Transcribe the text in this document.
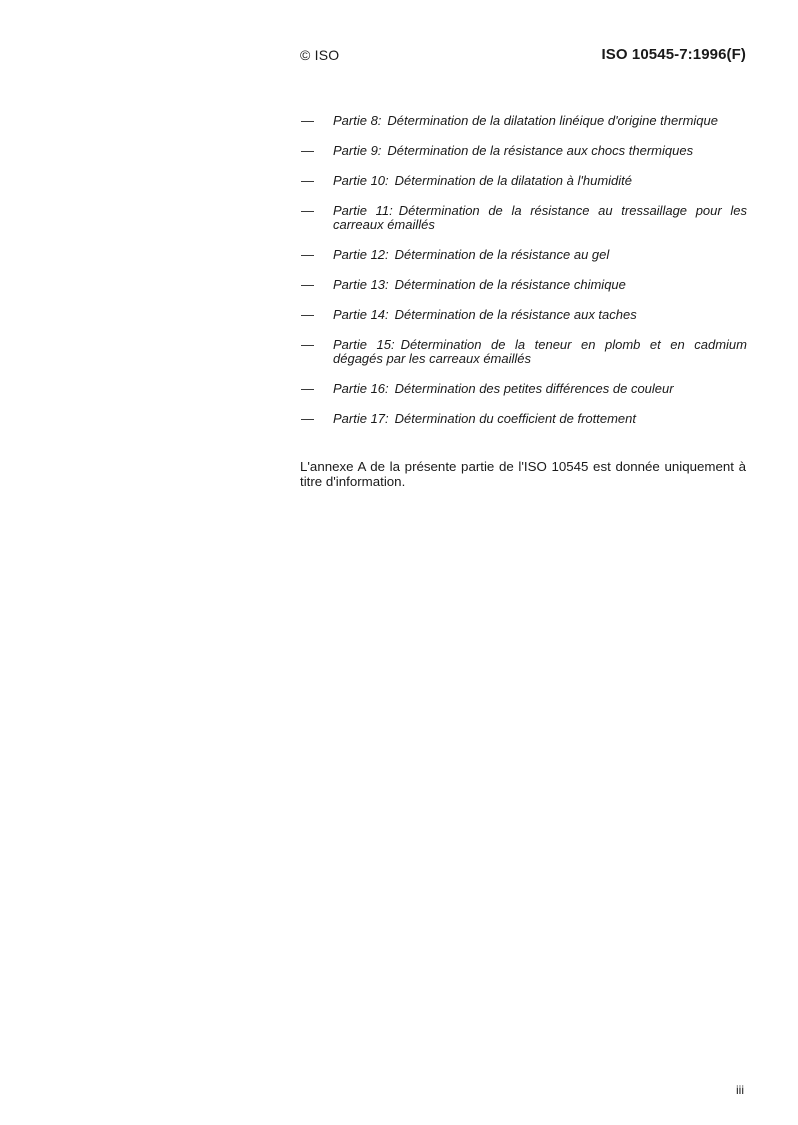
© ISO	ISO 10545-7:1996(F)
— Partie 8: Détermination de la dilatation linéique d'origine thermique
— Partie 9: Détermination de la résistance aux chocs thermiques
— Partie 10: Détermination de la dilatation à l'humidité
— Partie 11: Détermination de la résistance au tressaillage pour les carreaux émaillés
— Partie 12: Détermination de la résistance au gel
— Partie 13: Détermination de la résistance chimique
— Partie 14: Détermination de la résistance aux taches
— Partie 15: Détermination de la teneur en plomb et en cadmium dégagés par les carreaux émaillés
— Partie 16: Détermination des petites différences de couleur
— Partie 17: Détermination du coefficient de frottement

L'annexe A de la présente partie de l'ISO 10545 est donnée uniquement à titre d'information.

iii
